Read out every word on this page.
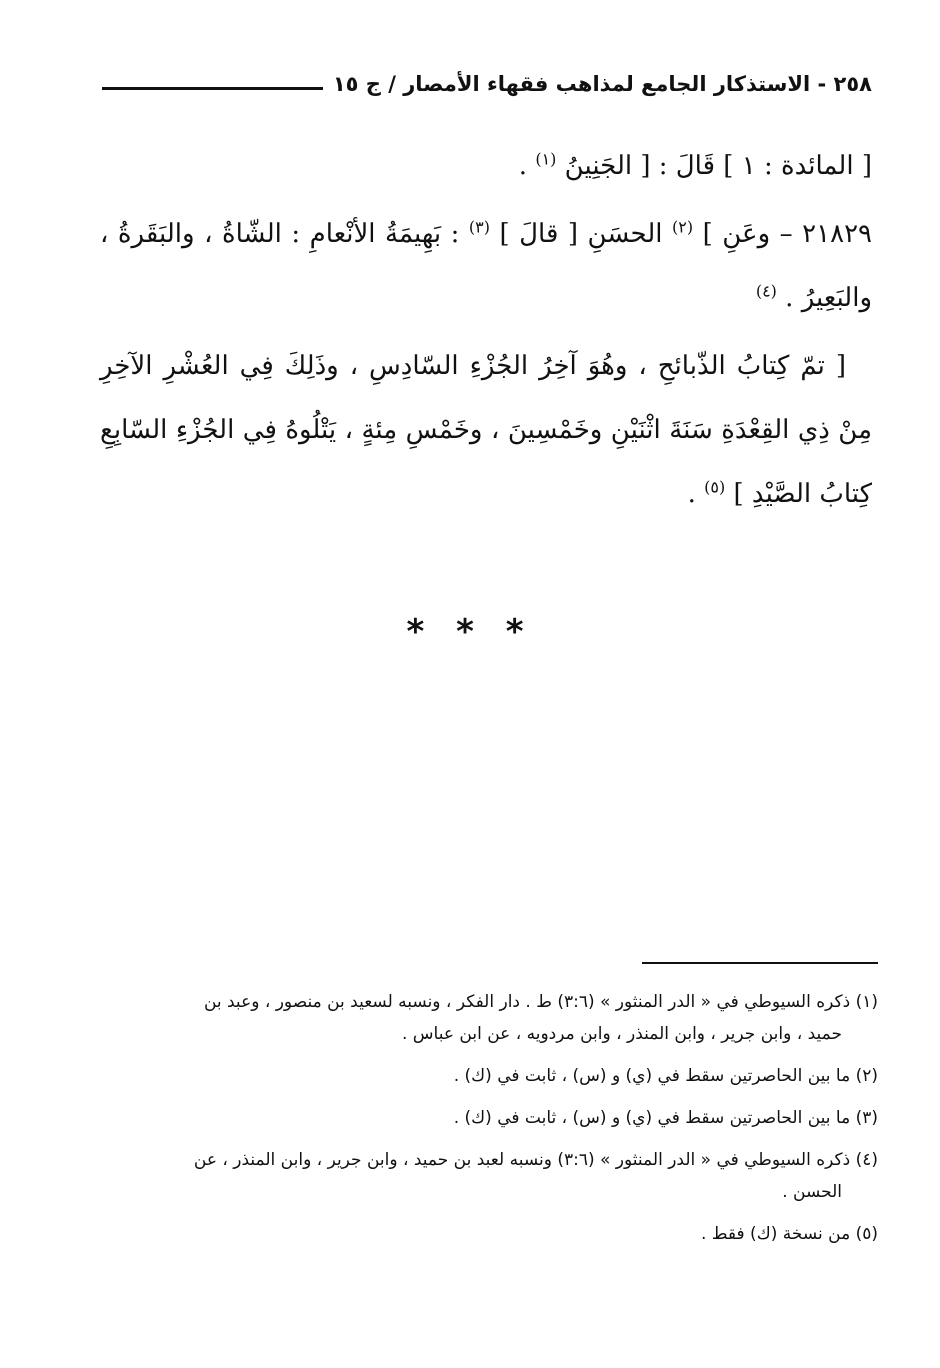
٢٥٨ - الاستذكار الجامع لمذاهب فقهاء الأمصار / ج ١٥
[ المائدة : ١ ] قَالَ : [ الجَنِينُ $^{(١)}$ .
٢١٨٢٩ – وعَنِ ] $^{(٢)}$ الحسَنِ [ قالَ ] $^{(٣)}$ : بَهِيمَةُ الأنْعامِ : الشّاةُ ، والبَقَرةُ ، والبَعِيرُ . $^{(٤)}$
[ تمّ كِتابُ الذّبائحِ ، وهُوَ آخِرُ الجُزْءِ السّادِسِ ، وذَلِكَ فِي العُشْرِ الآخِرِ مِنْ ذِي القِعْدَةِ سَنَةَ اثْنَيْنِ وخَمْسِينَ ، وخَمْسِ مِئةٍ ، يَتْلُوهُ فِي الجُزْءِ السّابِعِ كِتابُ الصَّيْدِ ] $^{(٥)}$ .
* * *
(١) ذكره السيوطي في « الدر المنثور » (٣:٦) ط . دار الفكر ، ونسبه لسعيد بن منصور ، وعبد بن
حميد ، وابن جرير ، وابن المنذر ، وابن مردويه ، عن ابن عباس .
(٢) ما بين الحاصرتين سقط في (ي) و (س) ، ثابت في (ك) .
(٣) ما بين الحاصرتين سقط في (ي) و (س) ، ثابت في (ك) .
(٤) ذكره السيوطي في « الدر المنثور » (٣:٦) ونسبه لعبد بن حميد ، وابن جرير ، وابن المنذر ، عن
الحسن .
(٥) من نسخة (ك) فقط .
